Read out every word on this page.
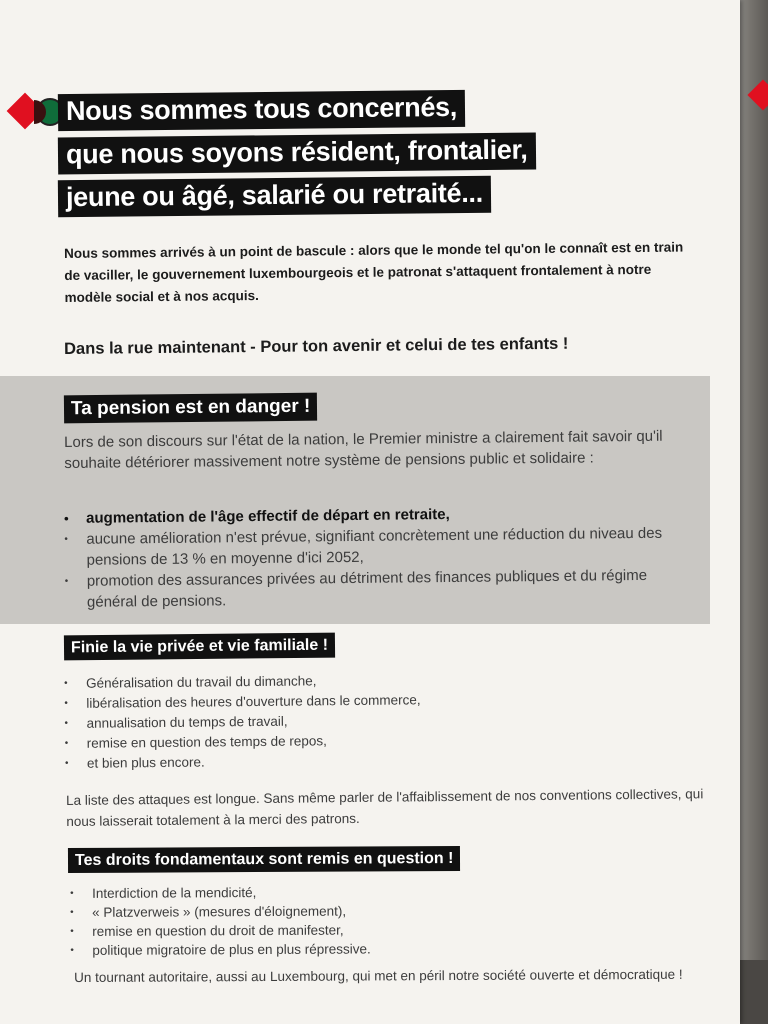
Nous sommes tous concernés,
que nous soyons résident, frontalier,
jeune ou âgé, salarié ou retraité...
Nous sommes arrivés à un point de bascule : alors que le monde tel qu'on le connaît est en train de vaciller, le gouvernement luxembourgeois et le patronat s'attaquent frontalement à notre modèle social et à nos acquis.
Dans la rue maintenant - Pour ton avenir et celui de tes enfants !
Ta pension est en danger !
Lors de son discours sur l'état de la nation, le Premier ministre a clairement fait savoir qu'il souhaite détériorer massivement notre système de pensions public et solidaire :
• augmentation de l'âge effectif de départ en retraite,
• aucune amélioration n'est prévue, signifiant concrètement une réduction du niveau des pensions de 13 % en moyenne d'ici 2052,
• promotion des assurances privées au détriment des finances publiques et du régime général de pensions.
Finie la vie privée et vie familiale !
• Généralisation du travail du dimanche,
• libéralisation des heures d'ouverture dans le commerce,
• annualisation du temps de travail,
• remise en question des temps de repos,
• et bien plus encore.
La liste des attaques est longue. Sans même parler de l'affaiblissement de nos conventions collectives, qui nous laisserait totalement à la merci des patrons.
Tes droits fondamentaux sont remis en question !
• Interdiction de la mendicité,
• « Platzverweis » (mesures d'éloignement),
• remise en question du droit de manifester,
• politique migratoire de plus en plus répressive.
Un tournant autoritaire, aussi au Luxembourg, qui met en péril notre société ouverte et démocratique !
